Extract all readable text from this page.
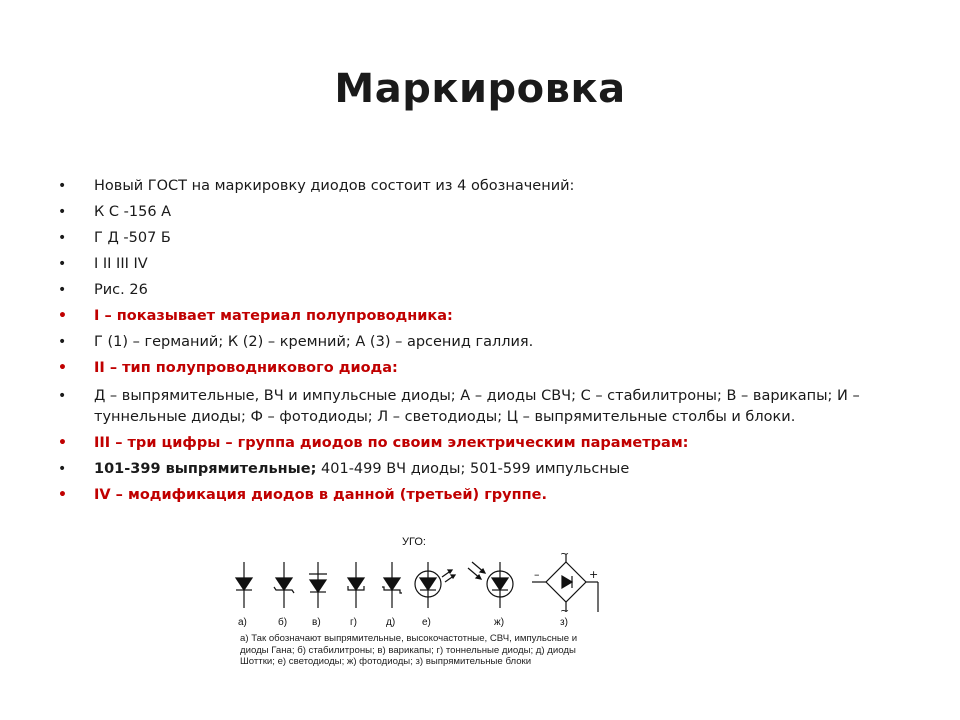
Маркировка
• Новый ГОСТ на маркировку диодов состоит из 4 обозначений:
• К С -156 А
• Г Д -507 Б
• I II III IV
• Рис. 26
• I – показывает материал полупроводника:
• Г (1) – германий; К (2) – кремний; А (3) – арсенид галлия.
• II – тип полупроводникового диода:
• Д – выпрямительные, ВЧ и импульсные диоды; А – диоды СВЧ; С – стабилитроны; В – варикапы; И – туннельные диоды; Ф – фотодиоды; Л – светодиоды; Ц – выпрямительные столбы и блоки.
• III – три цифры – группа диодов по своим электрическим параметрам:
• 101-399 выпрямительные; 401-499 ВЧ диоды; 501-599 импульсные
• IV – модификация диодов в данной (третьей) группе.
УГО:
~
~
–	+
а)	б) в)	г)	д)	е)	ж)	з)
а) Так обозначают выпрямительные, высокочастотные, СВЧ, импульсные и диоды Гана; б) стабилитроны; в) варикапы; г) тоннельные диоды; д) диоды Шоттки; е) светодиоды; ж) фотодиоды; з) выпрямительные блоки
